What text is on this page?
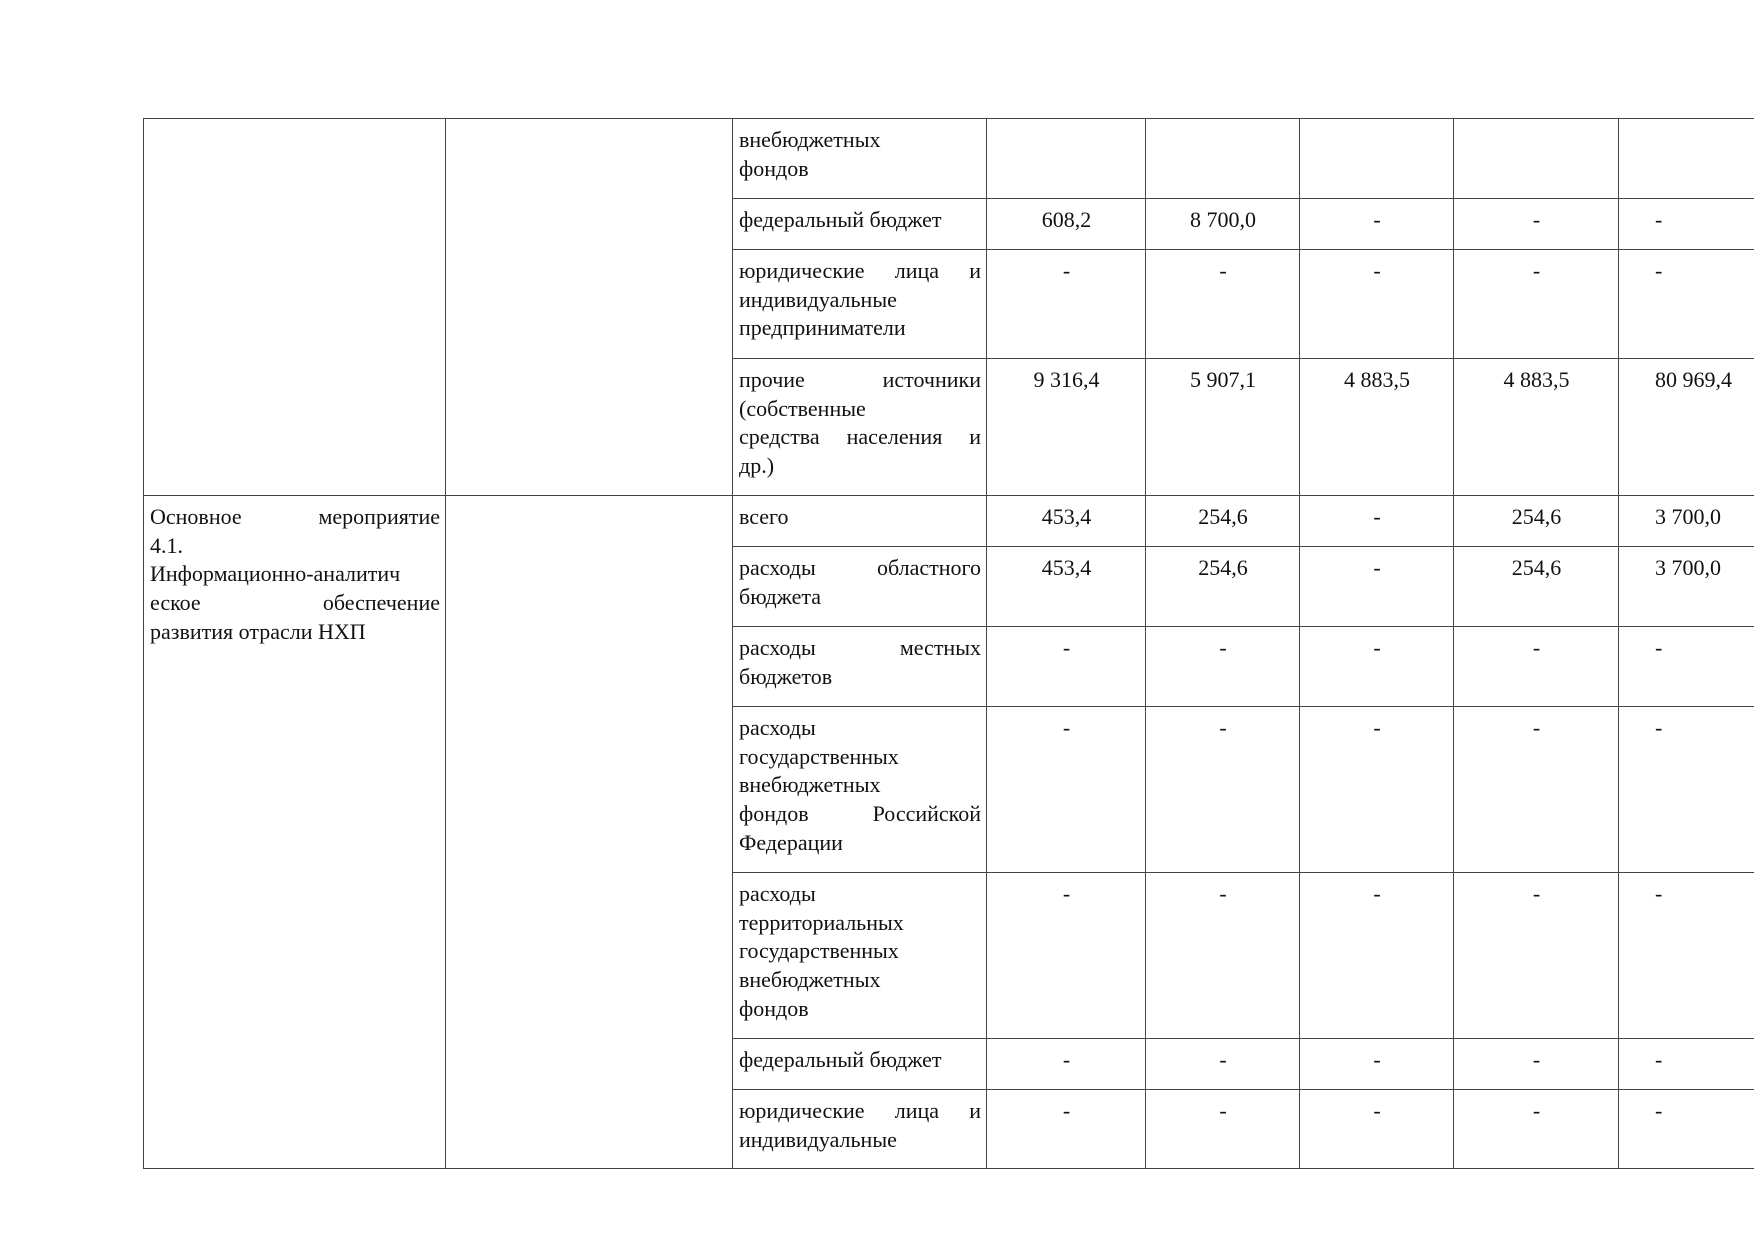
		внебюджетных
фондов					

		федеральный бюджет	608,2	8 700,0	-	-	-

		юридические лица и
индивидуальные
предприниматели	-	-	-	-	-

		прочие источники
(собственные
средства населения и
др.)	9 316,4	5 907,1	4 883,5	4 883,5	80 969,4

Основное мероприятие
4.1.
Информационно-аналитич
еское обеспечение
развития отрасли НХП		всего	453,4	254,6	-	254,6	3 700,0

		расходы областного
бюджета	453,4	254,6	-	254,6	3 700,0

		расходы местных
бюджетов	-	-	-	-	-

		расходы
государственных
внебюджетных
фондов Российской
Федерации	-	-	-	-	-

		расходы
территориальных
государственных
внебюджетных
фондов	-	-	-	-	-

		федеральный бюджет	-	-	-	-	-

		юридические лица и
индивидуальные	-	-	-	-	-
